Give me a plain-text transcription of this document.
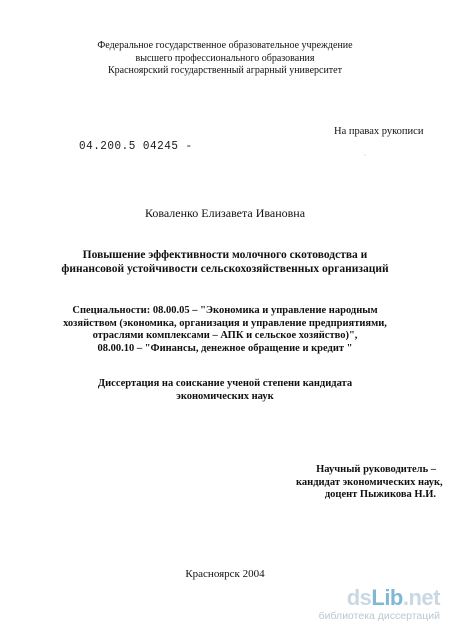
Федеральное государственное образовательное учреждение
высшего профессионального образования
Красноярский государственный аграрный университет
На правах рукописи
·
04.200.5 04245 -
Коваленко Елизавета Ивановна
Повышение эффективности молочного скотоводства и
финансовой устойчивости сельскохозяйственных организаций
Специальности: 08.00.05 – "Экономика и управление народным
хозяйством (экономика, организация и управление предприятиями,
отраслями комплексами – АПК и сельское хозяйство)",
08.00.10 – "Финансы, денежное обращение и кредит "
Диссертация на соискание ученой степени кандидата
экономических наук
Научный руководитель –
кандидат экономических наук,
доцент Пыжикова Н.И.
Красноярск 2004
dsLib.net
библиотека диссертаций
